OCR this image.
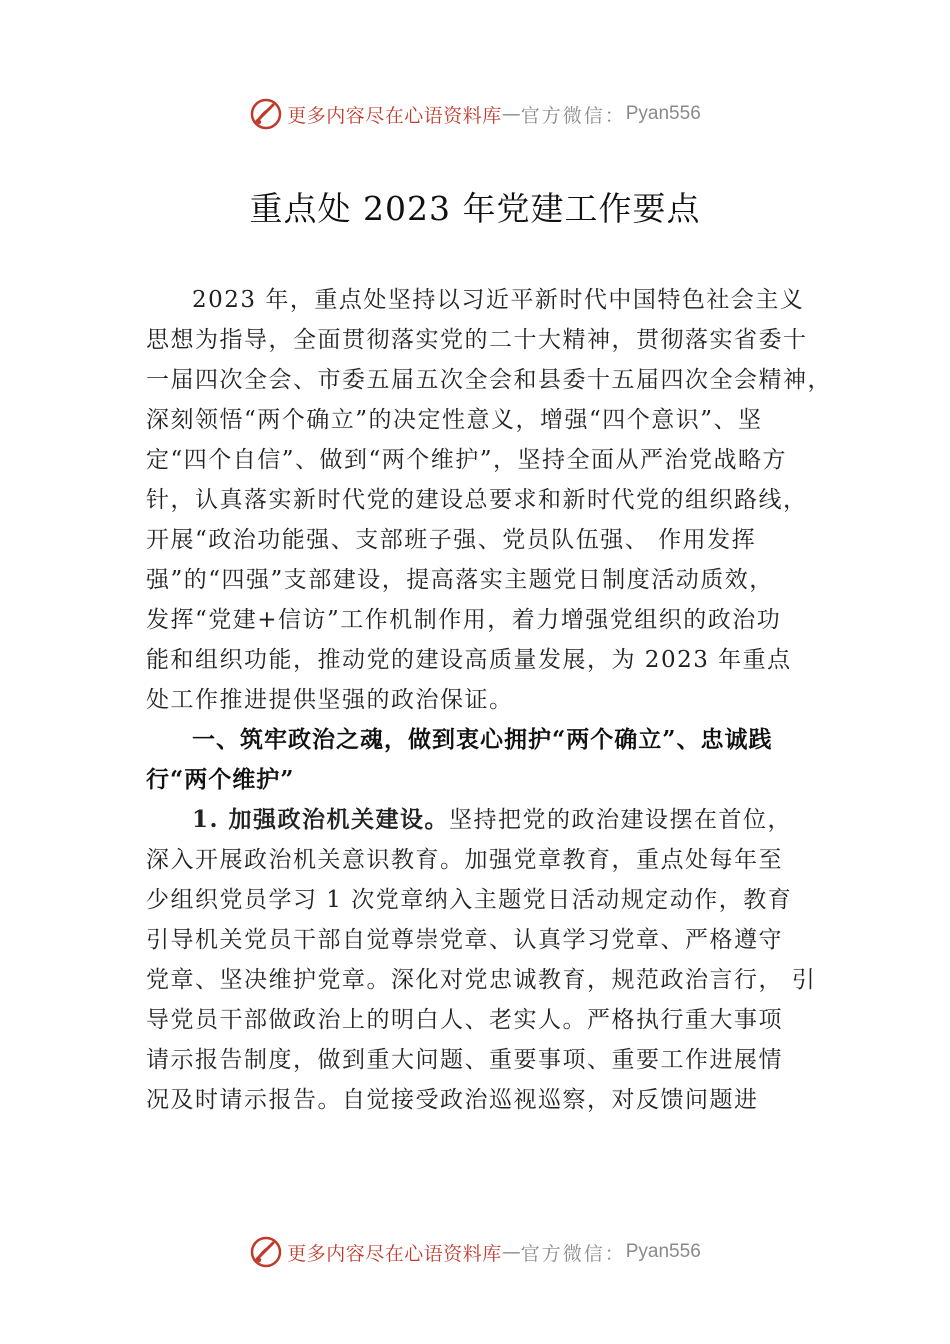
更多内容尽在心语资料库 — 官方微信： Pyan556
重点处 2023 年党建工作要点
2023 年，重点处坚持以习近平新时代中国特色社会主义
思想为指导，全面贯彻落实党的二十大精神，贯彻落实省委十
一届四次全会、市委五届五次全会和县委十五届四次全会精神，
深刻领悟“两个确立”的决定性意义，增强“四个意识”、坚
定“四个自信”、做到“两个维护”，坚持全面从严治党战略方
针，认真落实新时代党的建设总要求和新时代党的组织路线，
开展“政治功能强、支部班子强、党员队伍强、 作用发挥
强”的“四强”支部建设，提高落实主题党日制度活动质效，
发挥“党建+信访”工作机制作用，着力增强党组织的政治功
能和组织功能，推动党的建设高质量发展，为 2023 年重点
处工作推进提供坚强的政治保证。
一、筑牢政治之魂，做到衷心拥护“两个确立”、忠诚践
行“两个维护”
1. 加强政治机关建设。坚持把党的政治建设摆在首位，
深入开展政治机关意识教育。加强党章教育，重点处每年至
少组织党员学习 1 次党章纳入主题党日活动规定动作，教育
引导机关党员干部自觉尊崇党章、认真学习党章、严格遵守
党章、坚决维护党章。深化对党忠诚教育，规范政治言行， 引
导党员干部做政治上的明白人、老实人。严格执行重大事项
请示报告制度，做到重大问题、重要事项、重要工作进展情
况及时请示报告。自觉接受政治巡视巡察，对反馈问题进
更多内容尽在心语资料库 — 官方微信： Pyan556
